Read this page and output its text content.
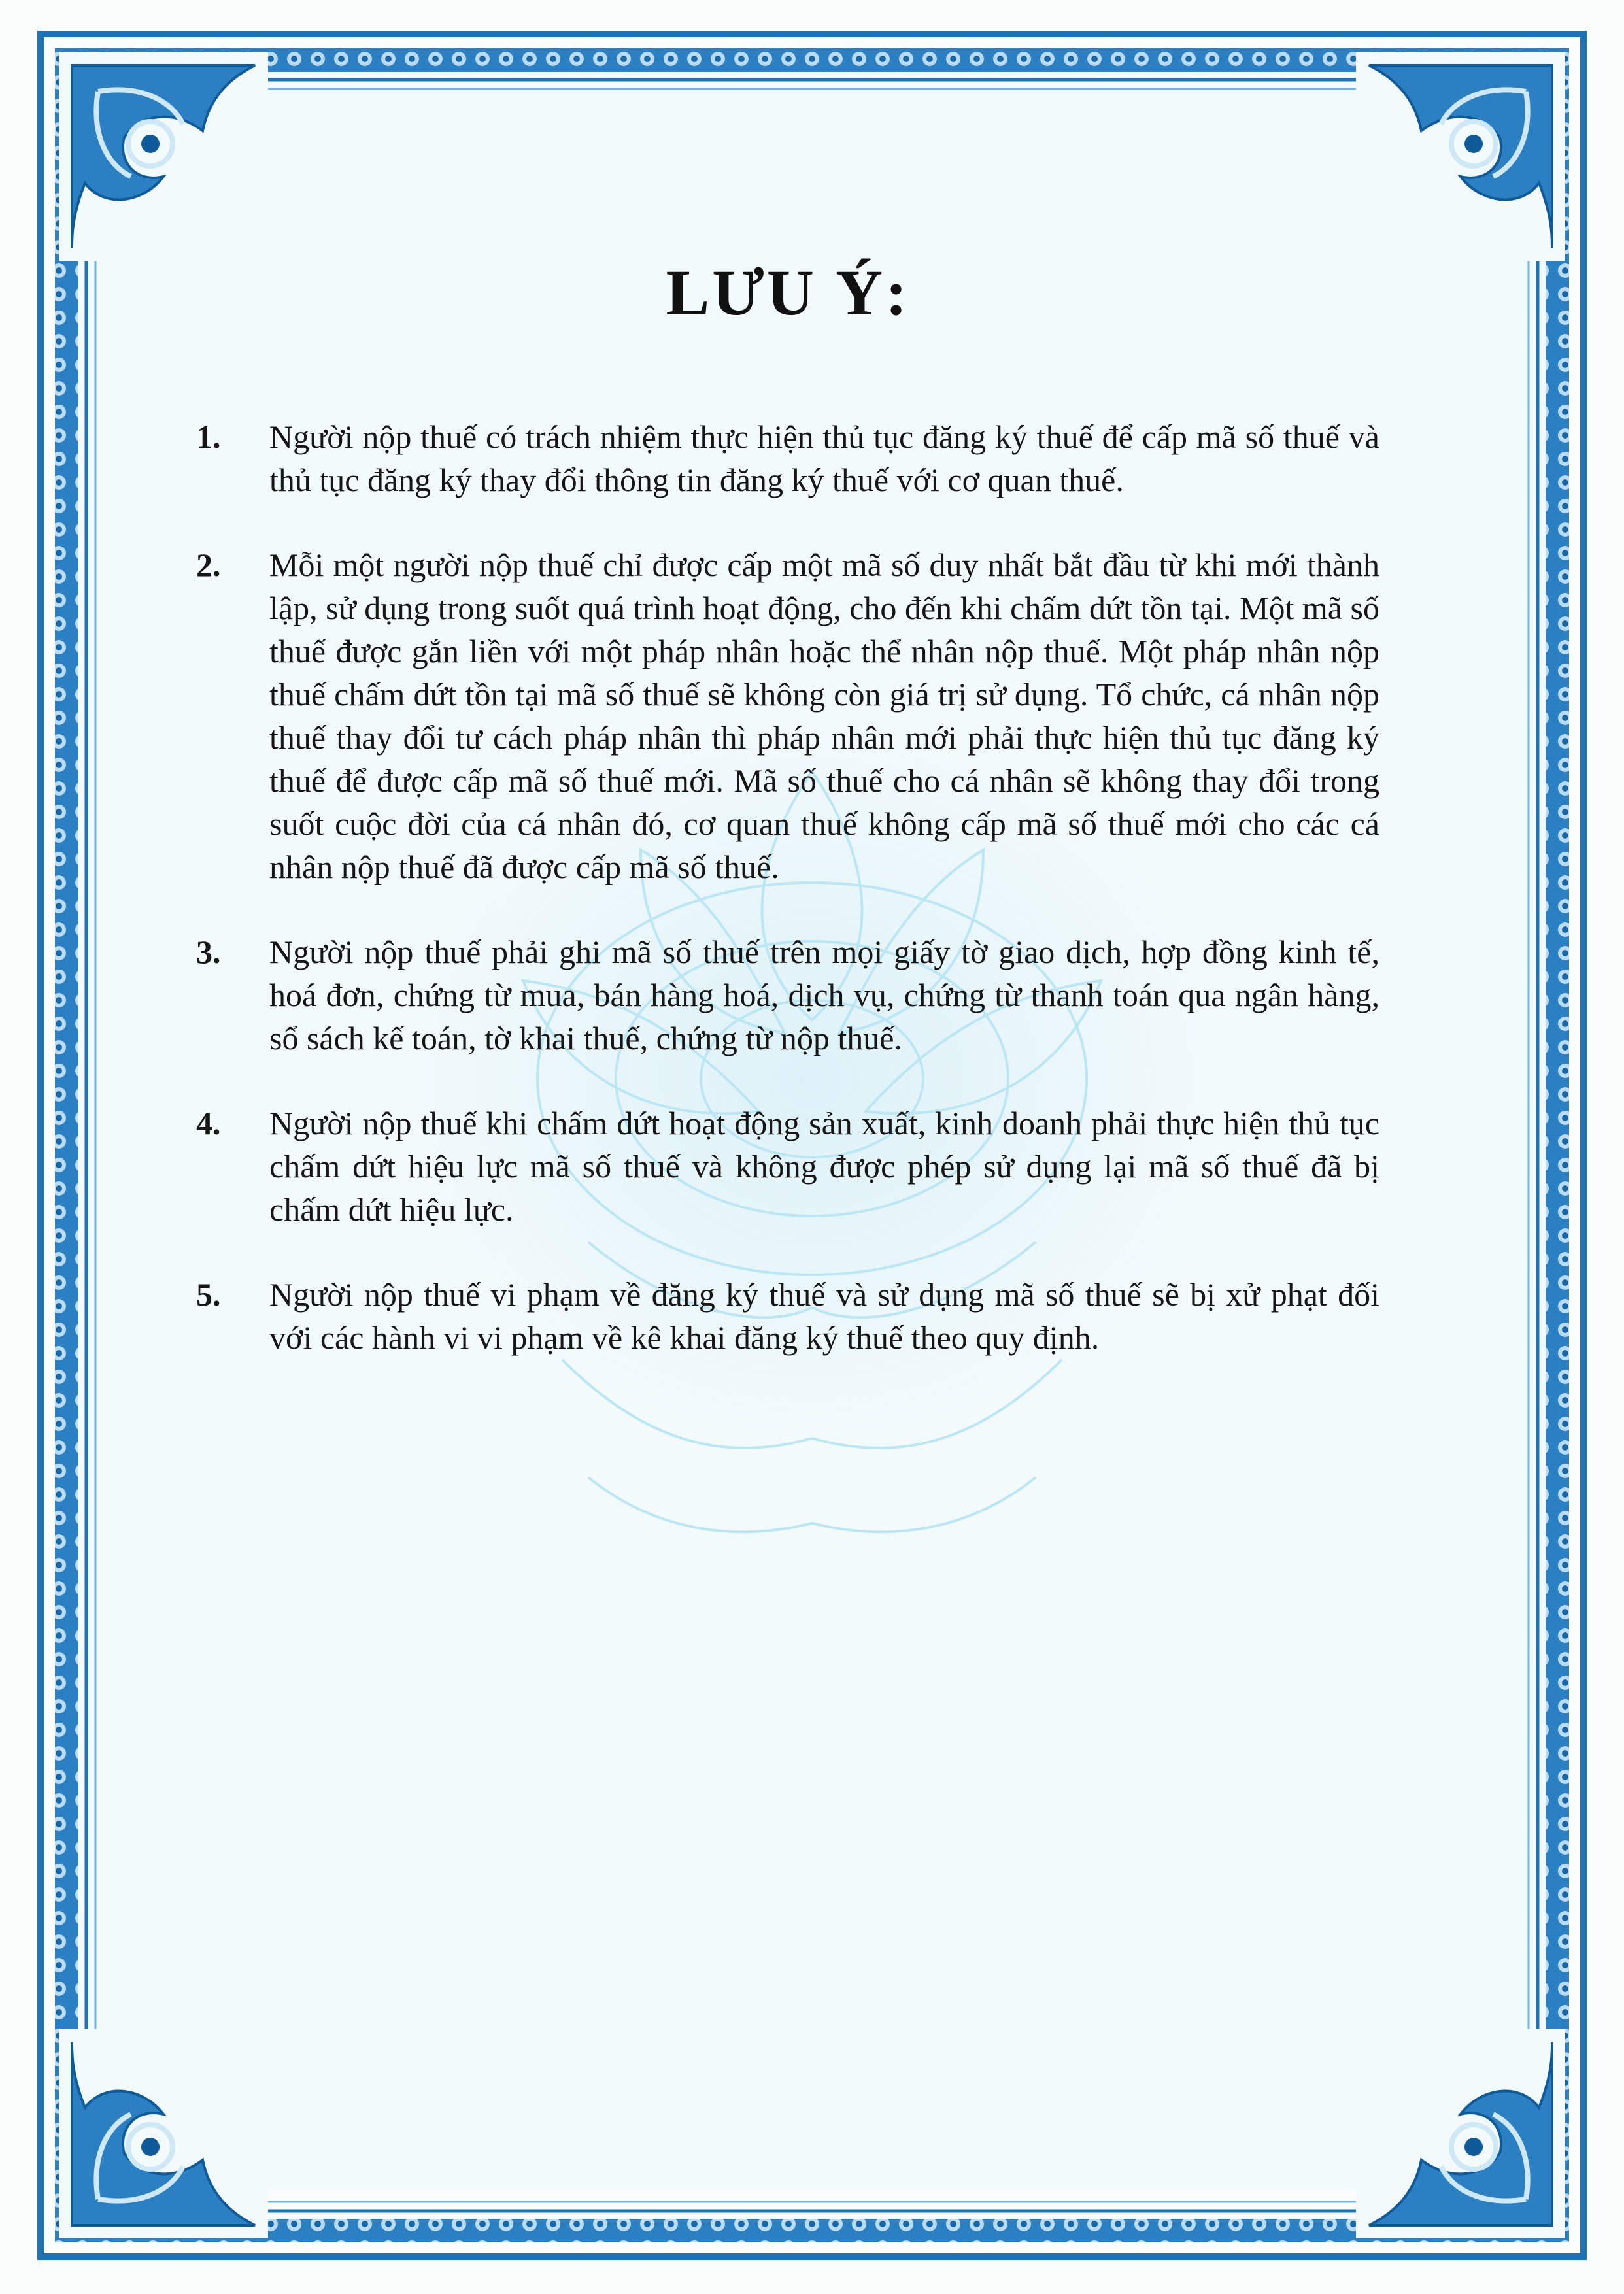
LƯU Ý:
1. Người nộp thuế có trách nhiệm thực hiện thủ tục đăng ký thuế để cấp mã số thuế và thủ tục đăng ký thay đổi thông tin đăng ký thuế với cơ quan thuế.
2. Mỗi một người nộp thuế chỉ được cấp một mã số duy nhất bắt đầu từ khi mới thành lập, sử dụng trong suốt quá trình hoạt động, cho đến khi chấm dứt tồn tại. Một mã số thuế được gắn liền với một pháp nhân hoặc thể nhân nộp thuế. Một pháp nhân nộp thuế chấm dứt tồn tại mã số thuế sẽ không còn giá trị sử dụng. Tổ chức, cá nhân nộp thuế thay đổi tư cách pháp nhân thì pháp nhân mới phải thực hiện thủ tục đăng ký thuế để được cấp mã số thuế mới. Mã số thuế cho cá nhân sẽ không thay đổi trong suốt cuộc đời của cá nhân đó, cơ quan thuế không cấp mã số thuế mới cho các cá nhân nộp thuế đã được cấp mã số thuế.
3. Người nộp thuế phải ghi mã số thuế trên mọi giấy tờ giao dịch, hợp đồng kinh tế, hoá đơn, chứng từ mua, bán hàng hoá, dịch vụ, chứng từ thanh toán qua ngân hàng, sổ sách kế toán, tờ khai thuế, chứng từ nộp thuế.
4. Người nộp thuế khi chấm dứt hoạt động sản xuất, kinh doanh phải thực hiện thủ tục chấm dứt hiệu lực mã số thuế và không được phép sử dụng lại mã số thuế đã bị chấm dứt hiệu lực.
5. Người nộp thuế vi phạm về đăng ký thuế và sử dụng mã số thuế sẽ bị xử phạt đối với các hành vi vi phạm về kê khai đăng ký thuế theo quy định.
